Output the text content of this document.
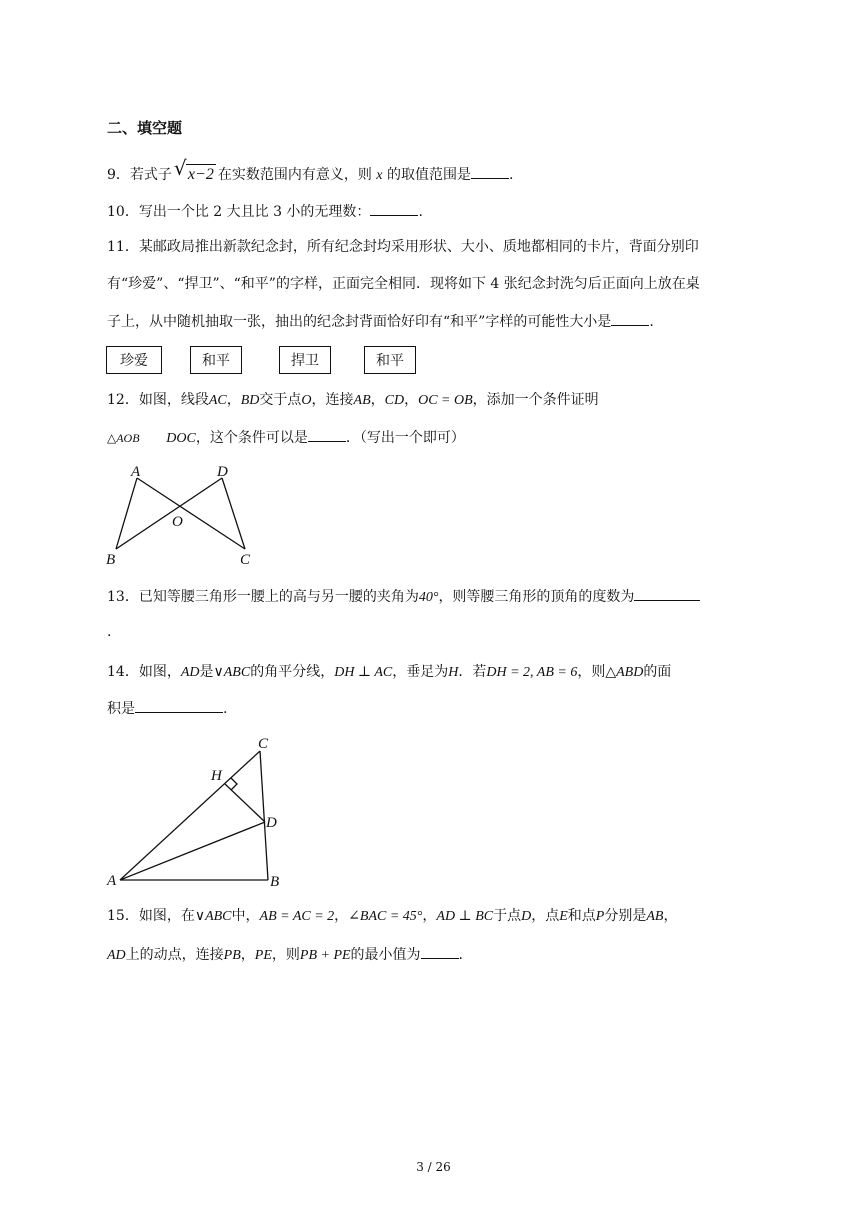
二、填空题
9．若式子 √ x−2 在实数范围内有意义，则 x 的取值范围是	.
10．写出一个比 2 大且比 3 小的无理数：	.
11．某邮政局推出新款纪念封，所有纪念封均采用形状、大小、质地都相同的卡片，背面分别印
有“珍爱”、“捍卫”、“和平”的字样，正面完全相同．现将如下 4 张纪念封洗匀后正面向上放在桌
子上，从中随机抽取一张，抽出的纪念封背面恰好印有“和平”字样的可能性大小是	.
珍爱	和平	捍卫	和平
12．如图，线段AC，BD交于点O，连接AB，CD，OC = OB，添加一个条件证明
△AOB DOC，这个条件可以是	．（写出一个即可）
A	D
O
B	C
13．已知等腰三角形一腰上的高与另一腰的夹角为40°，则等腰三角形的顶角的度数为
.
14．如图，AD是∨ABC的角平分线，DH ⊥ AC，垂足为H．若DH = 2, AB = 6，则△ABD的面
积是	.
A	B
C
D
H
15．如图，在∨ABC中，AB = AC = 2，∠BAC = 45°，AD ⊥ BC于点D，点E和点P分别是AB，
AD上的动点，连接PB，PE，则PB + PE的最小值为	.
3 / 26
